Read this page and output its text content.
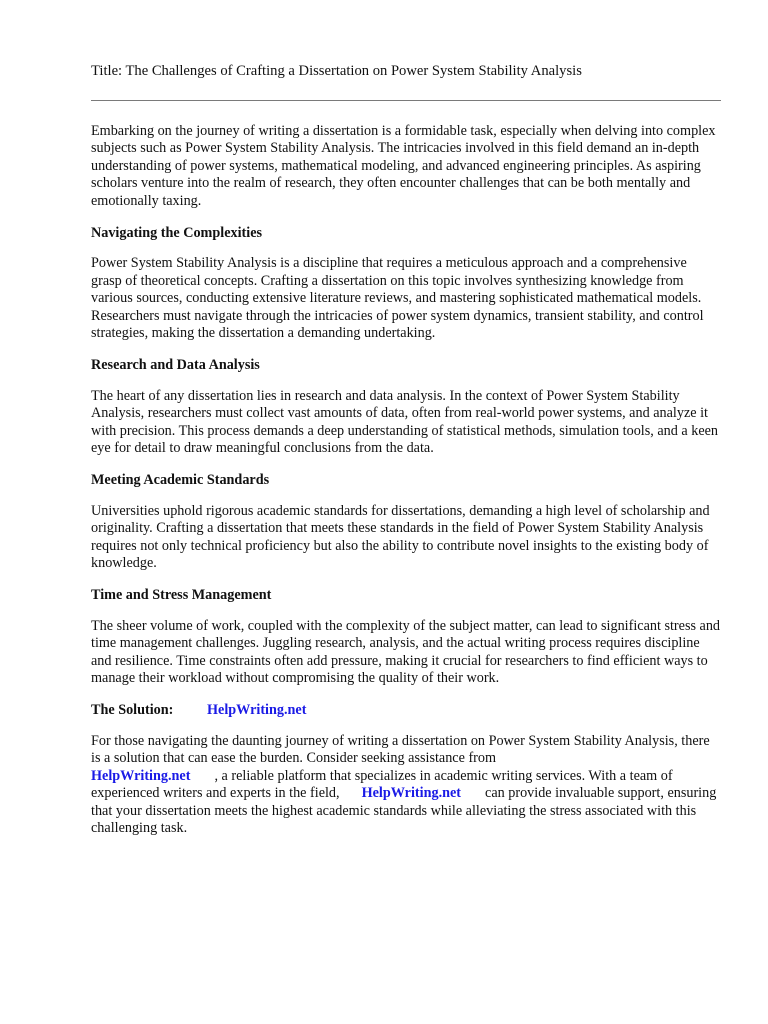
Title: The Challenges of Crafting a Dissertation on Power System Stability Analysis

Embarking on the journey of writing a dissertation is a formidable task, especially when delving into complex subjects such as Power System Stability Analysis. The intricacies involved in this field demand an in-depth understanding of power systems, mathematical modeling, and advanced engineering principles. As aspiring scholars venture into the realm of research, they often encounter challenges that can be both mentally and emotionally taxing.

Navigating the Complexities

Power System Stability Analysis is a discipline that requires a meticulous approach and a comprehensive grasp of theoretical concepts. Crafting a dissertation on this topic involves synthesizing knowledge from various sources, conducting extensive literature reviews, and mastering sophisticated mathematical models. Researchers must navigate through the intricacies of power system dynamics, transient stability, and control strategies, making the dissertation a demanding undertaking.

Research and Data Analysis

The heart of any dissertation lies in research and data analysis. In the context of Power System Stability Analysis, researchers must collect vast amounts of data, often from real-world power systems, and analyze it with precision. This process demands a deep understanding of statistical methods, simulation tools, and a keen eye for detail to draw meaningful conclusions from the data.

Meeting Academic Standards

Universities uphold rigorous academic standards for dissertations, demanding a high level of scholarship and originality. Crafting a dissertation that meets these standards in the field of Power System Stability Analysis requires not only technical proficiency but also the ability to contribute novel insights to the existing body of knowledge.

Time and Stress Management

The sheer volume of work, coupled with the complexity of the subject matter, can lead to significant stress and time management challenges. Juggling research, analysis, and the actual writing process requires discipline and resilience. Time constraints often add pressure, making it crucial for researchers to find efficient ways to manage their workload without compromising the quality of their work.

The Solution: HelpWriting.net

For those navigating the daunting journey of writing a dissertation on Power System Stability Analysis, there is a solution that can ease the burden. Consider seeking assistance from
HelpWriting.net , a reliable platform that specializes in academic writing services. With a team of experienced writers and experts in the field, HelpWriting.net can provide invaluable support, ensuring that your dissertation meets the highest academic standards while alleviating the stress associated with this challenging task.
